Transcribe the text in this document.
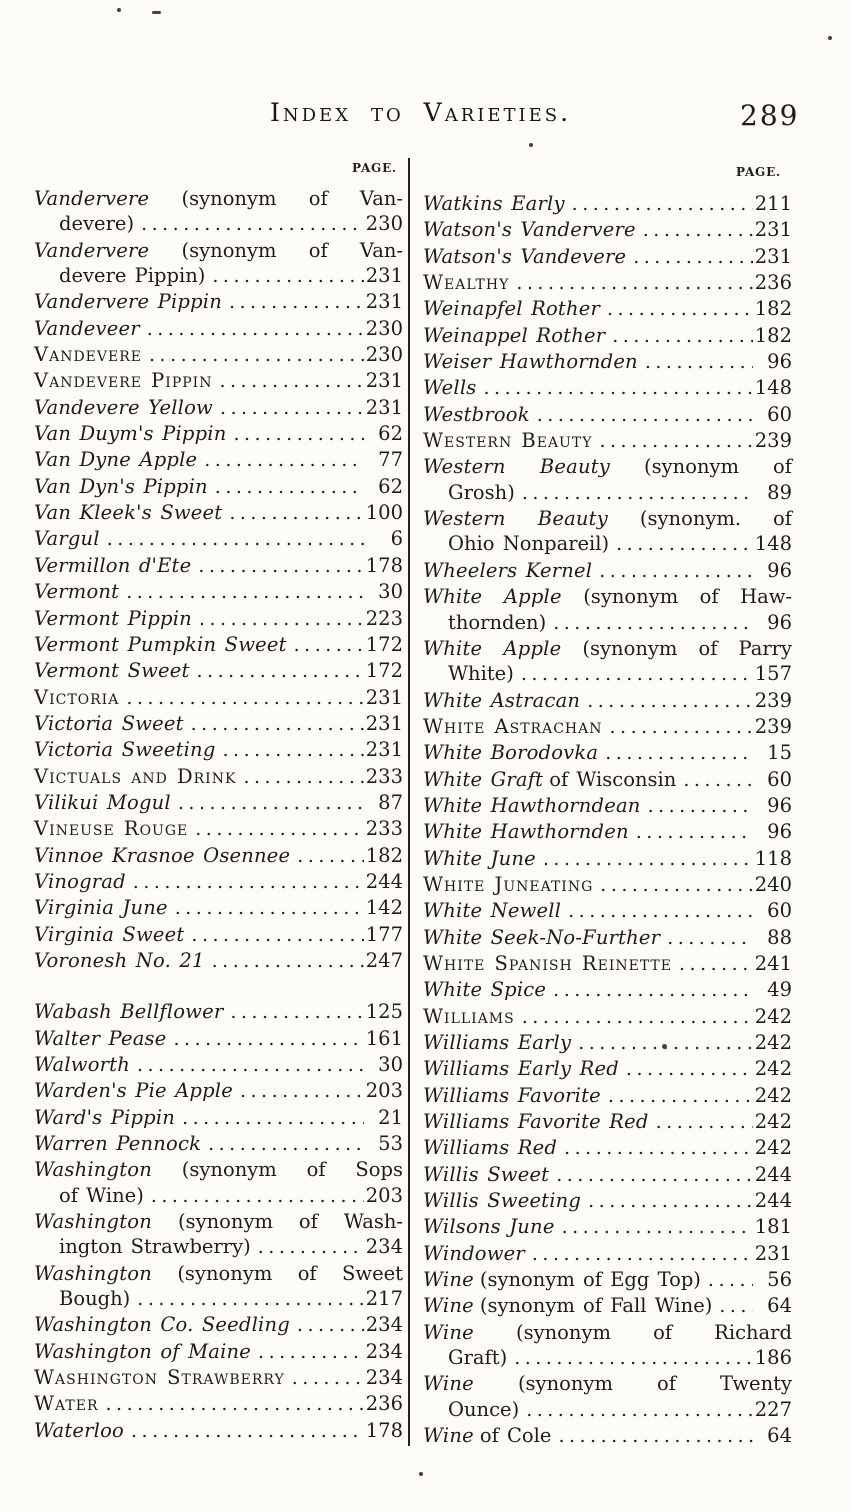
Index to Varieties.	289
PAGE.	PAGE.
Vandervere (synonym of Van-
devere) .....	230
Vandervere (synonym of Van-
devere Pippin) .....	231
Vandervere Pippin .....	231
Vandeveer .....	230
Vandevere .....	230
Vandevere Pippin .....	231
Vandevere Yellow .....	231
Van Duym's Pippin .....	62
Van Dyne Apple .....	77
Van Dyn's Pippin .....	62
Van Kleek's Sweet .....	100
Vargul .....	6
Vermillon d'Ete .....	178
Vermont .....	30
Vermont Pippin .....	223
Vermont Pumpkin Sweet .....	172
Vermont Sweet .....	172
Victoria .....	231
Victoria Sweet .....	231
Victoria Sweeting .....	231
Victuals and Drink .....	233
Vilikui Mogul .....	87
Vineuse Rouge .....	233
Vinnoe Krasnoe Osennee .....	182
Vinograd .....	244
Virginia June .....	142
Virginia Sweet .....	177
Voronesh No. 21 .....	247
Wabash Bellflower .....	125
Walter Pease .....	161
Walworth .....	30
Warden's Pie Apple .....	203
Ward's Pippin .....	21
Warren Pennock .....	53
Washington (synonym of Sops
of Wine) .....	203
Washington (synonym of Wash-
ington Strawberry) .....	234
Washington (synonym of Sweet
Bough) .....	217
Washington Co. Seedling .....	234
Washington of Maine .....	234
Washington Strawberry .....	234
Water .....	236
Waterloo .....	178
Watkins Early .....	211
Watson's Vandervere .....	231
Watson's Vandevere .....	231
Wealthy .....	236
Weinapfel Rother .....	182
Weinappel Rother .....	182
Weiser Hawthornden .....	96
Wells .....	148
Westbrook .....	60
Western Beauty .....	239
Western Beauty (synonym of
Grosh) .....	89
Western Beauty (synonym. of
Ohio Nonpareil) .....	148
Wheelers Kernel .....	96
White Apple (synonym of Haw-
thornden) .....	96
White Apple (synonym of Parry
White) .....	157
White Astracan .....	239
White Astrachan .....	239
White Borodovka .....	15
White Graft of Wisconsin .....	60
White Hawthorndean .....	96
White Hawthornden .....	96
White June .....	118
White Juneating .....	240
White Newell .....	60
White Seek-No-Further .....	88
White Spanish Reinette .....	241
White Spice .....	49
Williams .....	242
Williams Early .....	242
Williams Early Red .....	242
Williams Favorite .....	242
Williams Favorite Red .....	242
Williams Red .....	242
Willis Sweet .....	244
Willis Sweeting .....	244
Wilsons June .....	181
Windower .....	231
Wine (synonym of Egg Top) .....	56
Wine (synonym of Fall Wine) .....	64
Wine (synonym of Richard
Graft) .....	186
Wine (synonym of Twenty
Ounce) .....	227
Wine of Cole .....	64
